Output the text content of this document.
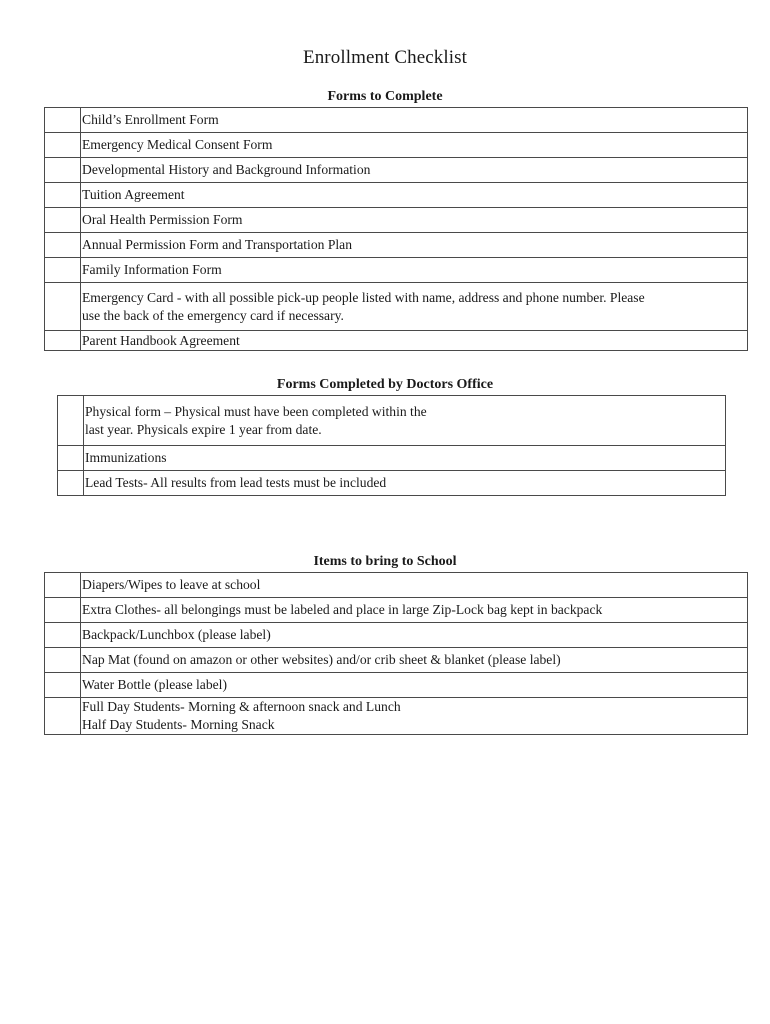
Enrollment Checklist
Forms to Complete
	Child’s Enrollment Form
	Emergency Medical Consent Form
	Developmental History and Background Information
	Tuition Agreement
	Oral Health Permission Form
	Annual Permission Form and Transportation Plan
	Family Information Form

	Emergency Card - with all possible pick-up people listed with name, address and phone number. Please
use the back of the emergency card if necessary.

	Parent Handbook Agreement
Forms Completed by Doctors Office

	Physical form – Physical must have been completed within the
last year. Physicals expire 1 year from date.

	Immunizations
	Lead Tests- All results from lead tests must be included
Items to bring to School
	Diapers/Wipes to leave at school
	Extra Clothes- all belongings must be labeled and place in large Zip-Lock bag kept in backpack
	Backpack/Lunchbox (please label)
	Nap Mat (found on amazon or other websites) and/or crib sheet & blanket (please label)
	Water Bottle (please label)

	Full Day Students- Morning & afternoon snack and Lunch
Half Day Students- Morning Snack
